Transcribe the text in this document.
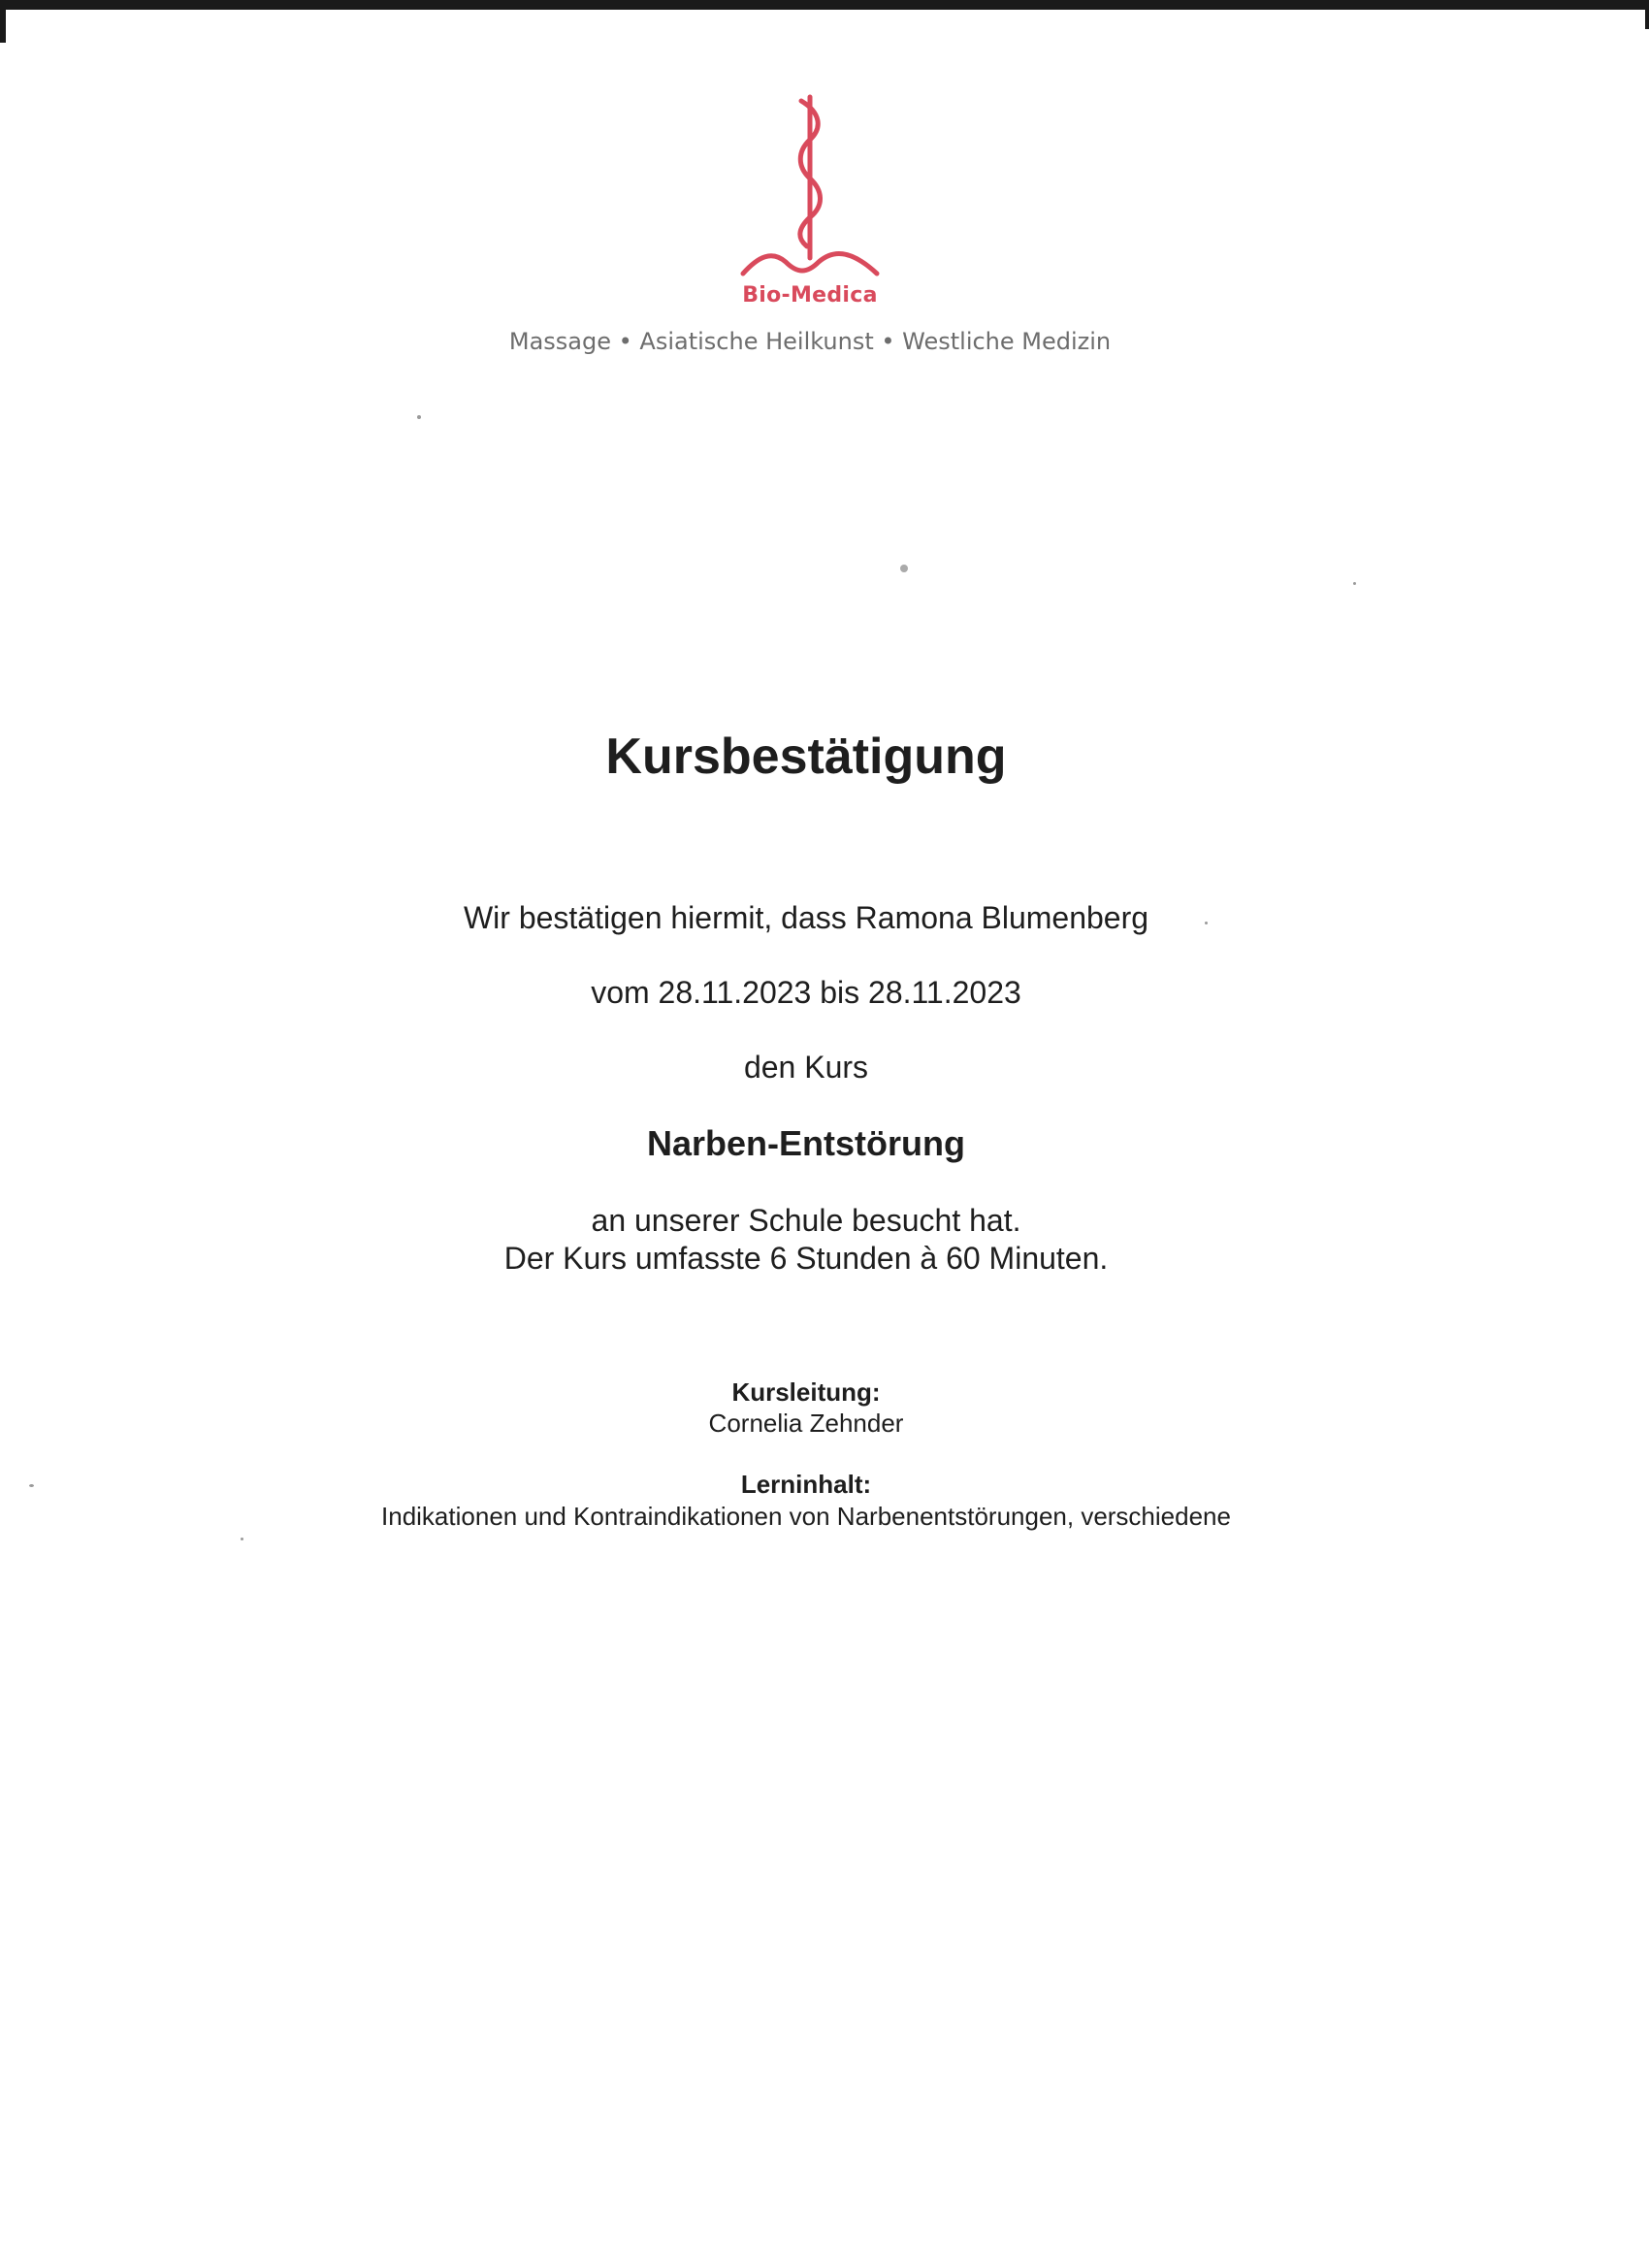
Bio-Medica
Massage • Asiatische Heilkunst • Westliche Medizin
Kursbestätigung
Wir bestätigen hiermit, dass Ramona Blumenberg
vom 28.11.2023 bis 28.11.2023
den Kurs
Narben-Entstörung
an unserer Schule besucht hat.
Der Kurs umfasste 6 Stunden à 60 Minuten.
Kursleitung:
Cornelia Zehnder
Lerninhalt:
Indikationen und Kontraindikationen von Narbenentstörungen, verschiedene
